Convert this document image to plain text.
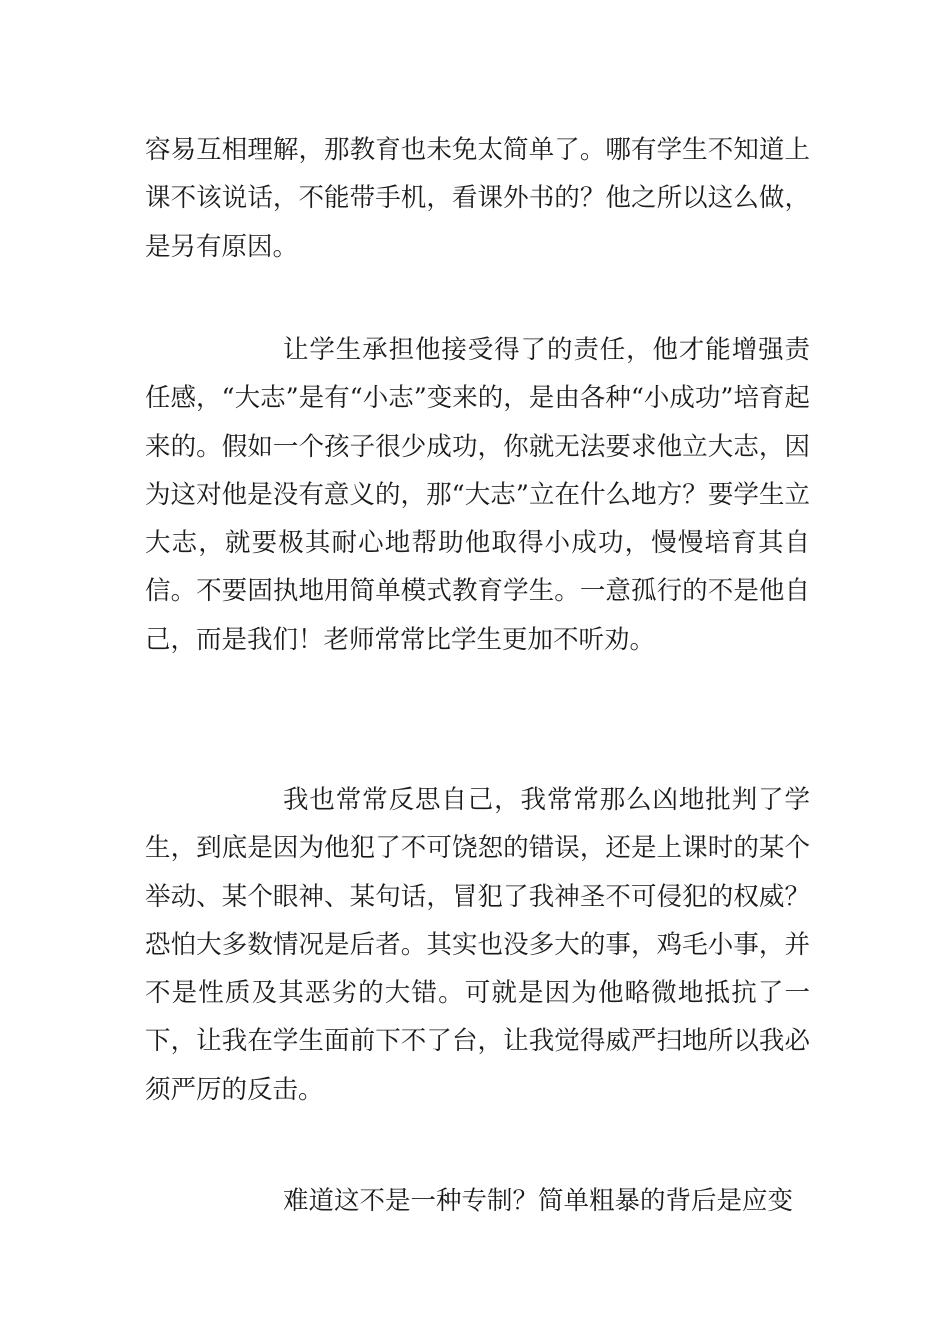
容易互相理解，那教育也未免太简单了。哪有学生不知道上课不该说话，不能带手机，看课外书的？他之所以这么做，是另有原因。

让学生承担他接受得了的责任，他才能增强责任感，“大志”是有“小志”变来的，是由各种“小成功”培育起来的。假如一个孩子很少成功，你就无法要求他立大志，因为这对他是没有意义的，那“大志”立在什么地方？要学生立大志，就要极其耐心地帮助他取得小成功，慢慢培育其自信。不要固执地用简单模式教育学生。一意孤行的不是他自己，而是我们！老师常常比学生更加不听劝。

我也常常反思自己，我常常那么凶地批判了学生，到底是因为他犯了不可饶恕的错误，还是上课时的某个举动、某个眼神、某句话，冒犯了我神圣不可侵犯的权威？恐怕大多数情况是后者。其实也没多大的事，鸡毛小事，并不是性质及其恶劣的大错。可就是因为他略微地抵抗了一下，让我在学生面前下不了台，让我觉得威严扫地所以我必须严厉的反击。

难道这不是一种专制？简单粗暴的背后是应变
